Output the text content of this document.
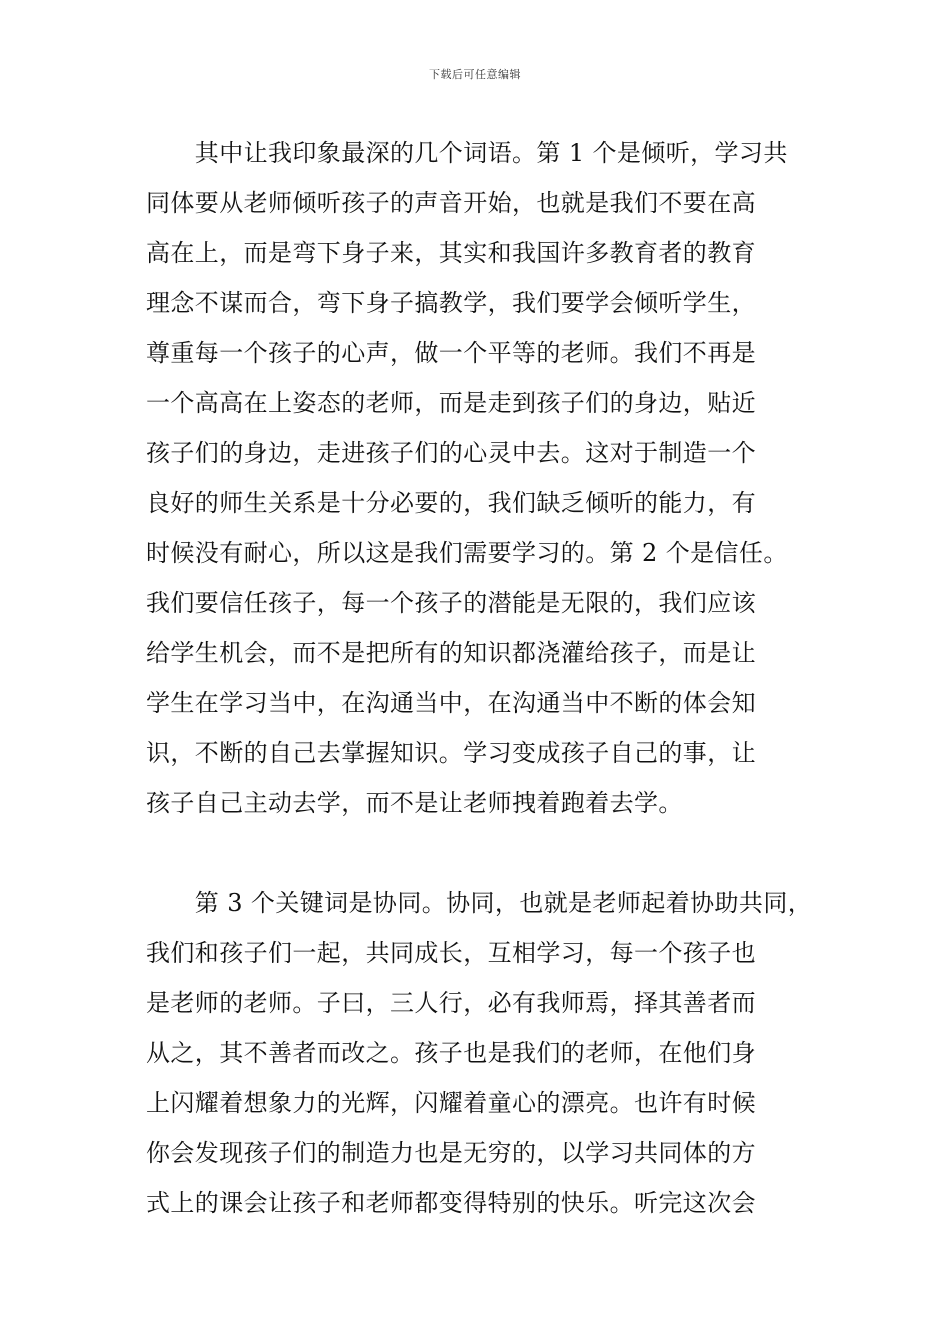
下载后可任意编辑
　　其中让我印象最深的几个词语。第 1 个是倾听，学习共
同体要从老师倾听孩子的声音开始，也就是我们不要在高
高在上，而是弯下身子来，其实和我国许多教育者的教育
理念不谋而合，弯下身子搞教学，我们要学会倾听学生，
尊重每一个孩子的心声，做一个平等的老师。我们不再是
一个高高在上姿态的老师，而是走到孩子们的身边，贴近
孩子们的身边，走进孩子们的心灵中去。这对于制造一个
良好的师生关系是十分必要的，我们缺乏倾听的能力，有
时候没有耐心，所以这是我们需要学习的。第 2 个是信任。
我们要信任孩子，每一个孩子的潜能是无限的，我们应该
给学生机会，而不是把所有的知识都浇灌给孩子，而是让
学生在学习当中，在沟通当中，在沟通当中不断的体会知
识，不断的自己去掌握知识。学习变成孩子自己的事，让
孩子自己主动去学，而不是让老师拽着跑着去学。
　　第 3 个关键词是协同。协同，也就是老师起着协助共同，
我们和孩子们一起，共同成长，互相学习，每一个孩子也
是老师的老师。子曰，三人行，必有我师焉，择其善者而
从之，其不善者而改之。孩子也是我们的老师，在他们身
上闪耀着想象力的光辉，闪耀着童心的漂亮。也许有时候
你会发现孩子们的制造力也是无穷的，以学习共同体的方
式上的课会让孩子和老师都变得特别的快乐。听完这次会
